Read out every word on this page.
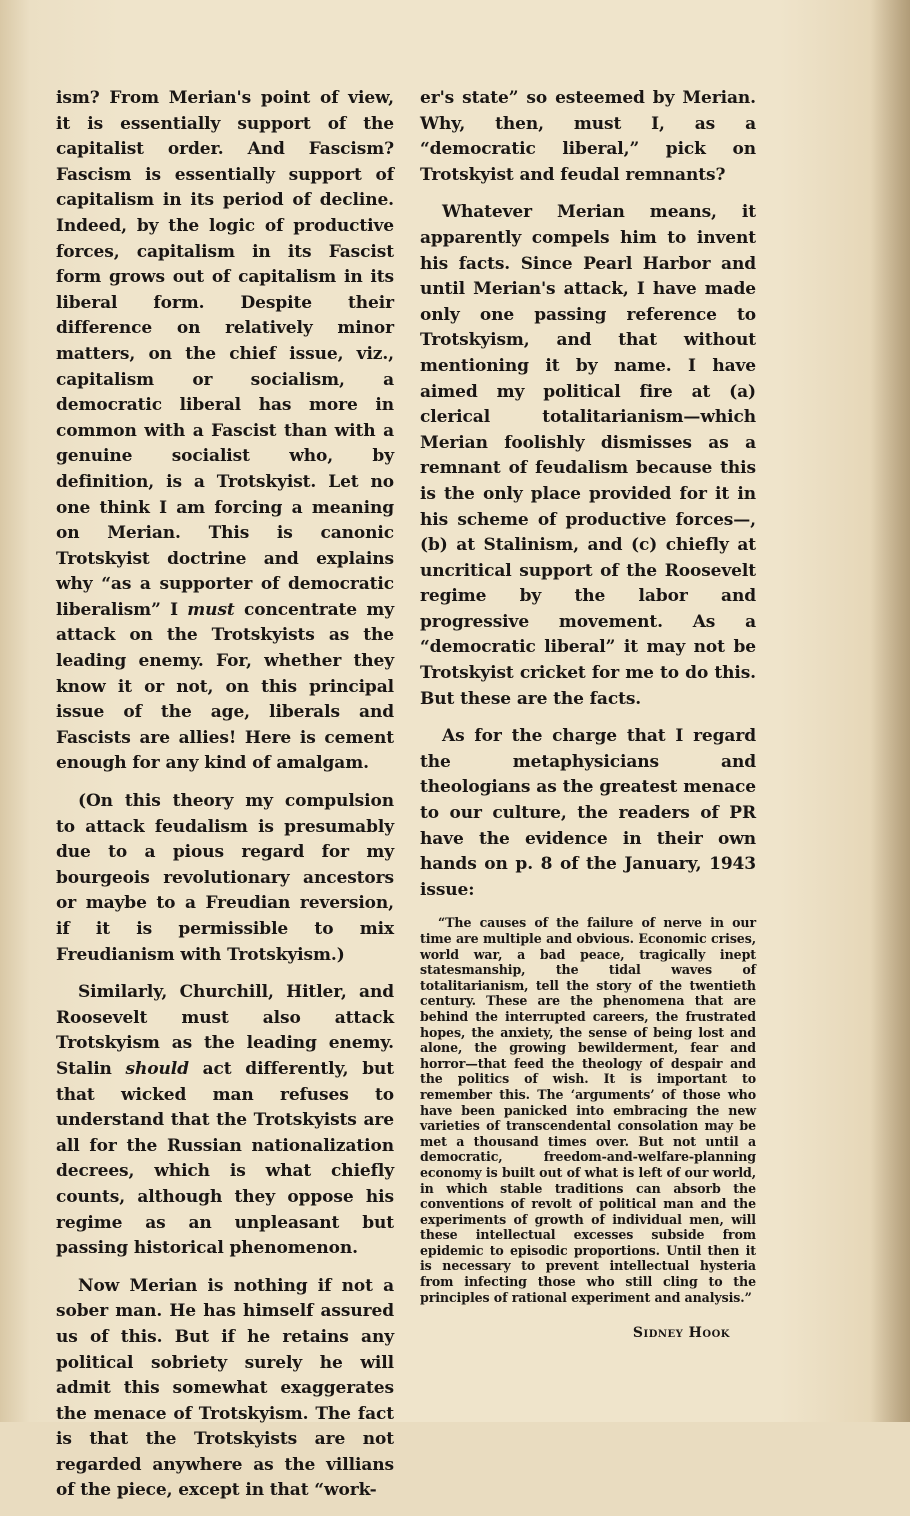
ism? From Merian's point of view, it is essentially support of the capitalist order. And Fascism? Fascism is essentially support of capitalism in its period of decline. Indeed, by the logic of productive forces, capitalism in its Fascist form grows out of capitalism in its liberal form. Despite their difference on relatively minor matters, on the chief issue, viz., capitalism or socialism, a democratic liberal has more in common with a Fascist than with a genuine socialist who, by definition, is a Trotskyist. Let no one think I am forcing a meaning on Merian. This is canonic Trotskyist doctrine and explains why “as a supporter of democratic liberalism” I must concentrate my attack on the Trotskyists as the leading enemy. For, whether they know it or not, on this principal issue of the age, liberals and Fascists are allies! Here is cement enough for any kind of amalgam.

(On this theory my compulsion to attack feudalism is presumably due to a pious regard for my bourgeois revolutionary ancestors or maybe to a Freudian reversion, if it is permissible to mix Freudianism with Trotskyism.)

Similarly, Churchill, Hitler, and Roosevelt must also attack Trotskyism as the leading enemy. Stalin should act differently, but that wicked man refuses to understand that the Trotskyists are all for the Russian nationalization decrees, which is what chiefly counts, although they oppose his regime as an unpleasant but passing historical phenomenon.

Now Merian is nothing if not a sober man. He has himself assured us of this. But if he retains any political sobriety surely he will admit this somewhat exaggerates the menace of Trotskyism. The fact is that the Trotskyists are not regarded anywhere as the villians of the piece, except in that “work-

er's state” so esteemed by Merian. Why, then, must I, as a “democratic liberal,” pick on Trotskyist and feudal remnants?

Whatever Merian means, it apparently compels him to invent his facts. Since Pearl Harbor and until Merian's attack, I have made only one passing reference to Trotskyism, and that without mentioning it by name. I have aimed my political fire at (a) clerical totalitarianism—which Merian foolishly dismisses as a remnant of feudalism because this is the only place provided for it in his scheme of productive forces—, (b) at Stalinism, and (c) chiefly at uncritical support of the Roosevelt regime by the labor and progressive movement. As a “democratic liberal” it may not be Trotskyist cricket for me to do this. But these are the facts.

As for the charge that I regard the metaphysicians and theologians as the greatest menace to our culture, the readers of PR have the evidence in their own hands on p. 8 of the January, 1943 issue:

“The causes of the failure of nerve in our time are multiple and obvious. Economic crises, world war, a bad peace, tragically inept statesmanship, the tidal waves of totalitarianism, tell the story of the twentieth century. These are the phenomena that are behind the interrupted careers, the frustrated hopes, the anxiety, the sense of being lost and alone, the growing bewilderment, fear and horror—that feed the theology of despair and the politics of wish. It is important to remember this. The ‘arguments’ of those who have been panicked into embracing the new varieties of transcendental consolation may be met a thousand times over. But not until a democratic, freedom-and-welfare-planning economy is built out of what is left of our world, in which stable traditions can absorb the conventions of revolt of political man and the experiments of growth of individual men, will these intellectual excesses subside from epidemic to episodic proportions. Until then it is necessary to prevent intellectual hysteria from infecting those who still cling to the principles of rational experiment and analysis.”
Sidney Hook
